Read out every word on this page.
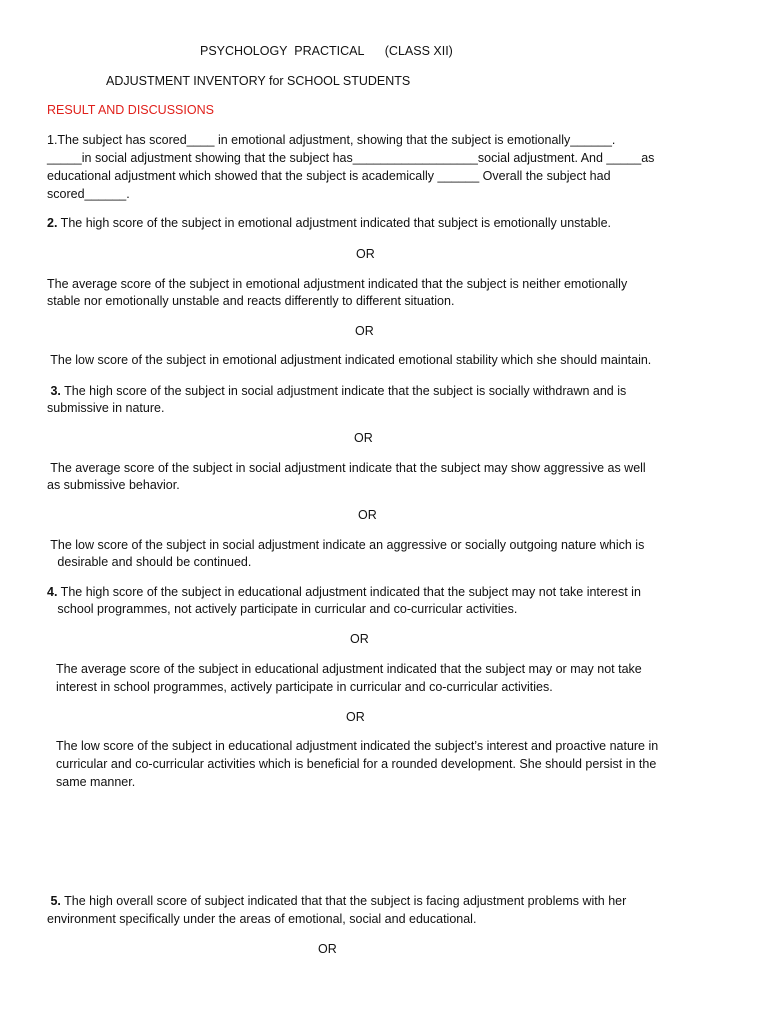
PSYCHOLOGY  PRACTICAL      (CLASS XII)
ADJUSTMENT INVENTORY for SCHOOL STUDENTS
RESULT AND DISCUSSIONS
1.The subject has scored____ in emotional adjustment, showing that the subject is emotionally______.
_____in social adjustment showing that the subject has__________________social adjustment. And _____as
educational adjustment which showed that the subject is academically ______ Overall the subject had
scored______.
2. The high score of the subject in emotional adjustment indicated that subject is emotionally unstable.
OR
The average score of the subject in emotional adjustment indicated that the subject is neither emotionally
stable nor emotionally unstable and reacts differently to different situation.
OR
The low score of the subject in emotional adjustment indicated emotional stability which she should maintain.
3. The high score of the subject in social adjustment indicate that the subject is socially withdrawn and is
submissive in nature.
OR
The average score of the subject in social adjustment indicate that the subject may show aggressive as well
as submissive behavior.
OR
The low score of the subject in social adjustment indicate an aggressive or socially outgoing nature which is
desirable and should be continued.
4. The high score of the subject in educational adjustment indicated that the subject may not take interest in
school programmes, not actively participate in curricular and co-curricular activities.
OR
The average score of the subject in educational adjustment indicated that the subject may or may not take
interest in school programmes, actively participate in curricular and co-curricular activities.
OR
The low score of the subject in educational adjustment indicated the subject’s interest and proactive nature in
curricular and co-curricular activities which is beneficial for a rounded development. She should persist in the
same manner.
5. The high overall score of subject indicated that that the subject is facing adjustment problems with her
environment specifically under the areas of emotional, social and educational.
OR
